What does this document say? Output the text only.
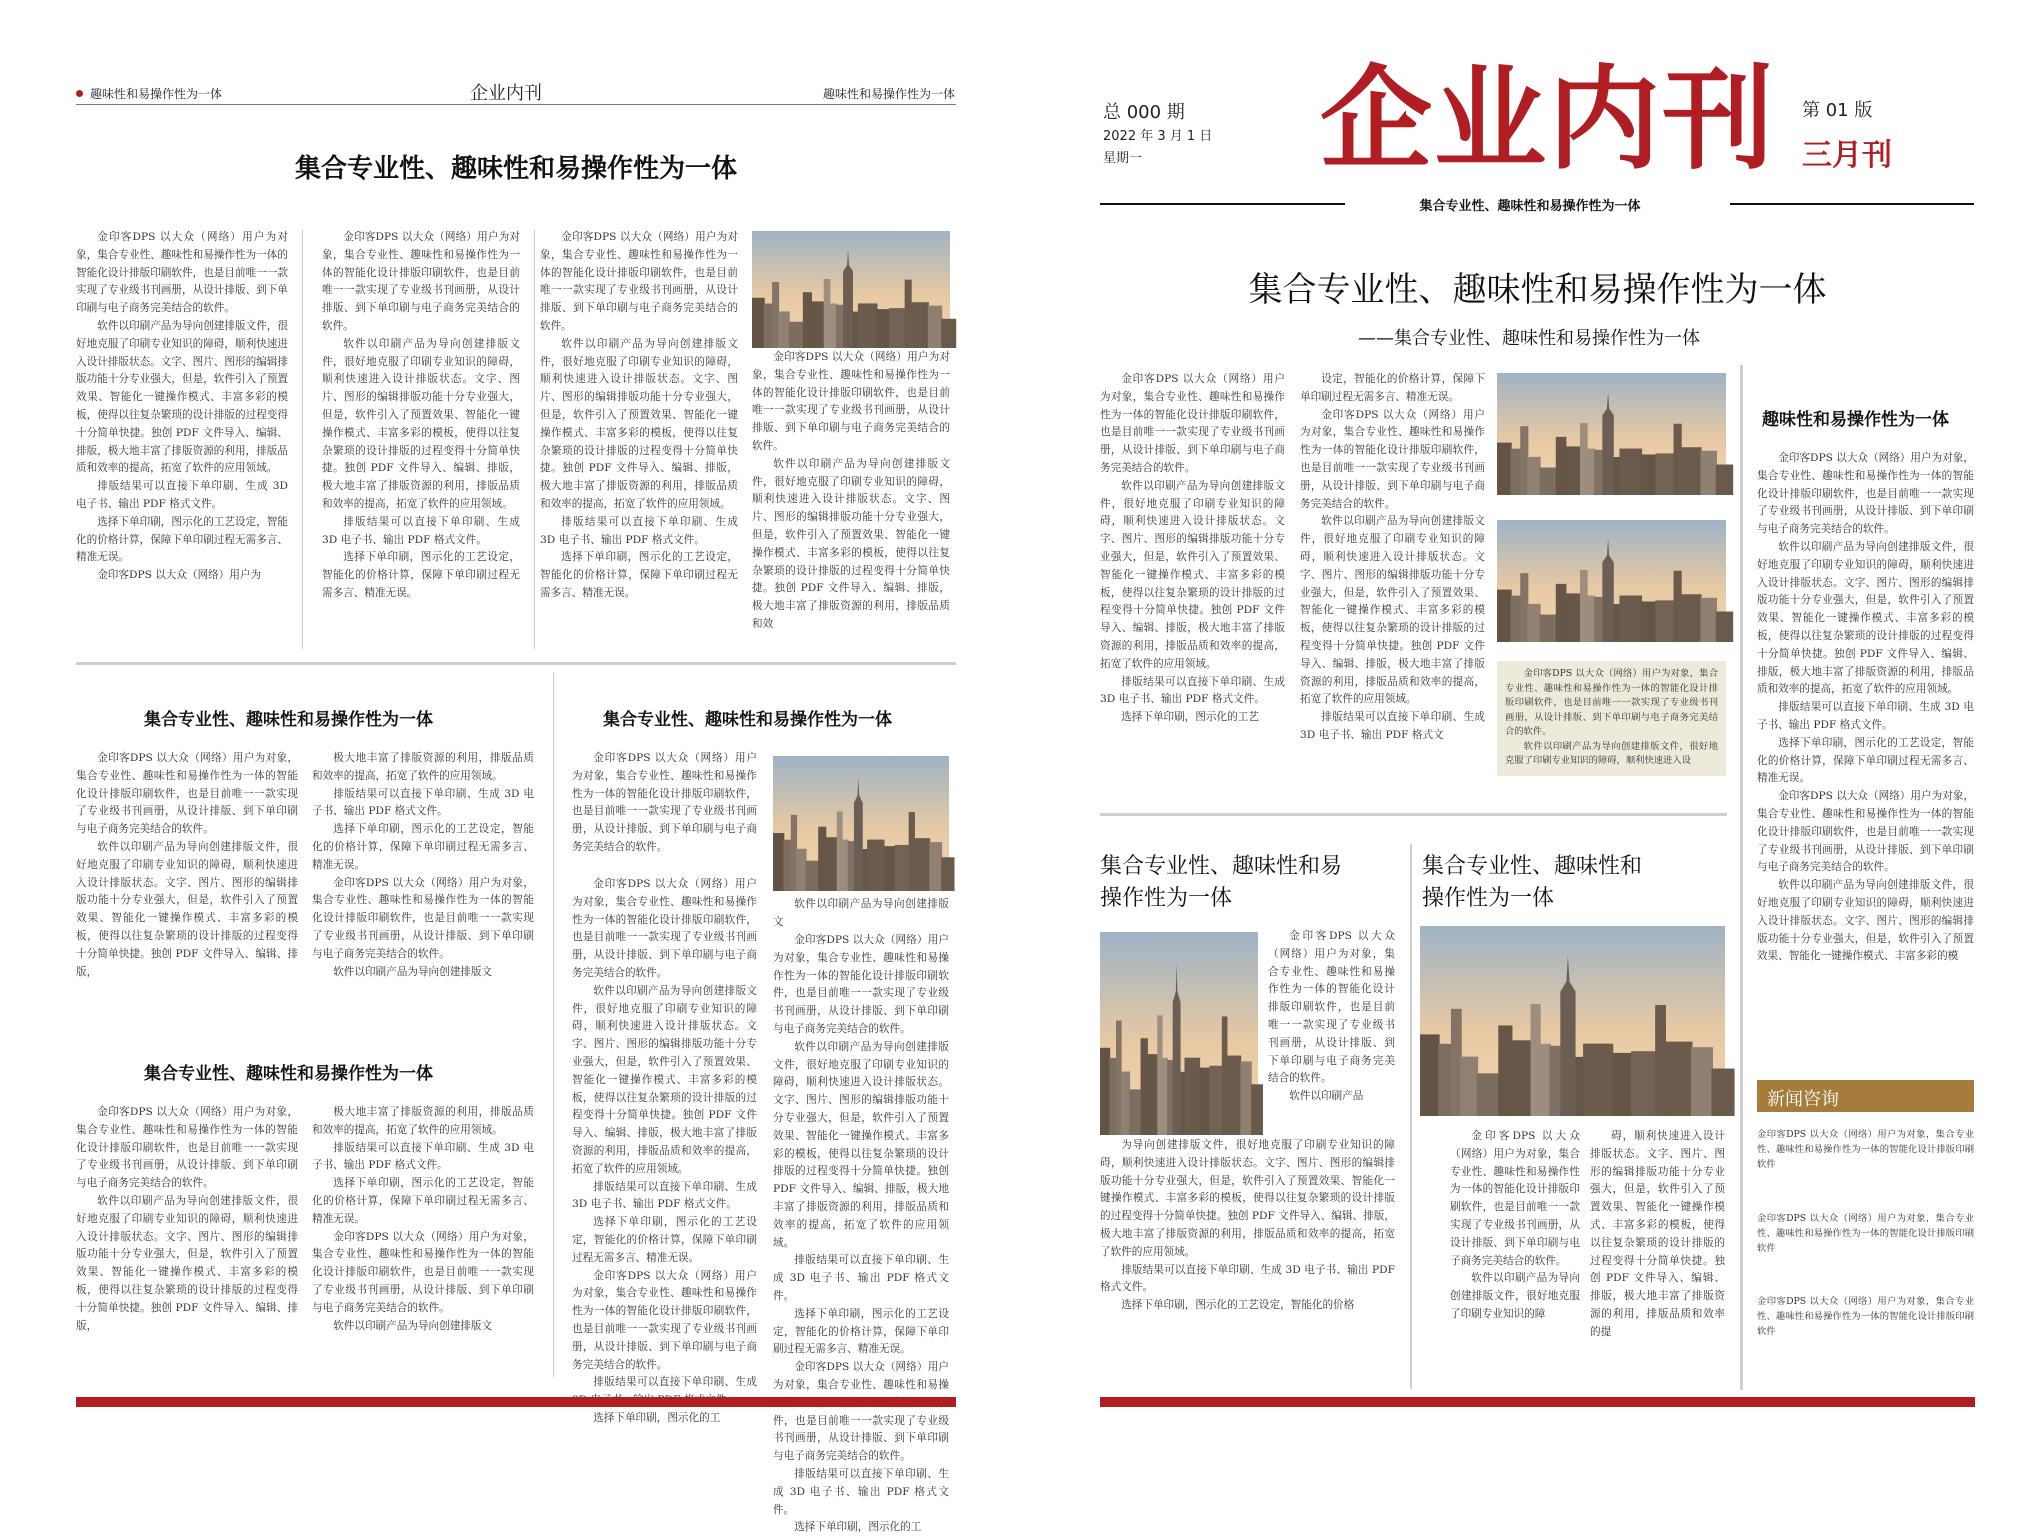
趣味性和易操作性为一体	企业内刊	趣味性和易操作性为一体
集合专业性、趣味性和易操作性为一体

金印客DPS 以大众（网络）用户为对象，集合专业性、趣味性和易操作性为一体的智能化设计排版印刷软件，也是目前唯一一款实现了专业级书刊画册，从设计排版、到下单印刷与电子商务完美结合的软件。

软件以印刷产品为导向创建排版文件，很好地克服了印刷专业知识的障碍，顺利快速进入设计排版状态。文字、图片、图形的编辑排版功能十分专业强大，但是，软件引入了预置效果、智能化一键操作模式、丰富多彩的模板，使得以往复杂繁琐的设计排版的过程变得十分简单快捷。独创 PDF 文件导入、编辑、排版，极大地丰富了排版资源的利用，排版品质和效率的提高，拓宽了软件的应用领域。

排版结果可以直接下单印刷、生成 3D 电子书、输出 PDF 格式文件。

选择下单印刷，图示化的工艺设定，智能化的价格计算，保障下单印刷过程无需多言、精准无误。

金印客DPS 以大众（网络）用户为

金印客DPS 以大众（网络）用户为对象，集合专业性、趣味性和易操作性为一体的智能化设计排版印刷软件，也是目前唯一一款实现了专业级书刊画册，从设计排版、到下单印刷与电子商务完美结合的软件。

软件以印刷产品为导向创建排版文件，很好地克服了印刷专业知识的障碍，顺利快速进入设计排版状态。文字、图片、图形的编辑排版功能十分专业强大，但是，软件引入了预置效果、智能化一键操作模式、丰富多彩的模板，使得以往复杂繁琐的设计排版的过程变得十分简单快捷。独创 PDF 文件导入、编辑、排版，极大地丰富了排版资源的利用，排版品质和效率的提高，拓宽了软件的应用领域。

排版结果可以直接下单印刷、生成 3D 电子书、输出 PDF 格式文件。

选择下单印刷，图示化的工艺设定，智能化的价格计算，保障下单印刷过程无需多言、精准无误。

金印客DPS 以大众（网络）用户为对象，集合专业性、趣味性和易操作性为一体的智能化设计排版印刷软件，也是目前唯一一款实现了专业级书刊画册，从设计排版、到下单印刷与电子商务完美结合的软件。

软件以印刷产品为导向创建排版文件，很好地克服了印刷专业知识的障碍，顺利快速进入设计排版状态。文字、图片、图形的编辑排版功能十分专业强大，但是，软件引入了预置效果、智能化一键操作模式、丰富多彩的模板，使得以往复杂繁琐的设计排版的过程变得十分简单快捷。独创 PDF 文件导入、编辑、排版，极大地丰富了排版资源的利用，排版品质和效率的提高，拓宽了软件的应用领域。

排版结果可以直接下单印刷、生成 3D 电子书、输出 PDF 格式文件。

选择下单印刷，图示化的工艺设定，智能化的价格计算，保障下单印刷过程无需多言、精准无误。

金印客DPS 以大众（网络）用户为对象，集合专业性、趣味性和易操作性为一体的智能化设计排版印刷软件，也是目前唯一一款实现了专业级书刊画册，从设计排版、到下单印刷与电子商务完美结合的软件。

软件以印刷产品为导向创建排版文件，很好地克服了印刷专业知识的障碍，顺利快速进入设计排版状态。文字、图片、图形的编辑排版功能十分专业强大，但是，软件引入了预置效果、智能化一键操作模式、丰富多彩的模板，使得以往复杂繁琐的设计排版的过程变得十分简单快捷。独创 PDF 文件导入、编辑、排版，极大地丰富了排版资源的利用，排版品质和效

集合专业性、趣味性和易操作性为一体

金印客DPS 以大众（网络）用户为对象，集合专业性、趣味性和易操作性为一体的智能化设计排版印刷软件，也是目前唯一一款实现了专业级书刊画册，从设计排版、到下单印刷与电子商务完美结合的软件。

软件以印刷产品为导向创建排版文件，很好地克服了印刷专业知识的障碍，顺利快速进入设计排版状态。文字、图片、图形的编辑排版功能十分专业强大，但是，软件引入了预置效果、智能化一键操作模式、丰富多彩的模板，使得以往复杂繁琐的设计排版的过程变得十分简单快捷。独创 PDF 文件导入、编辑、排版，

极大地丰富了排版资源的利用，排版品质和效率的提高，拓宽了软件的应用领域。

排版结果可以直接下单印刷、生成 3D 电子书、输出 PDF 格式文件。

选择下单印刷，图示化的工艺设定，智能化的价格计算，保障下单印刷过程无需多言、精准无误。

金印客DPS 以大众（网络）用户为对象，集合专业性、趣味性和易操作性为一体的智能化设计排版印刷软件，也是目前唯一一款实现了专业级书刊画册，从设计排版、到下单印刷与电子商务完美结合的软件。

软件以印刷产品为导向创建排版文

集合专业性、趣味性和易操作性为一体

金印客DPS 以大众（网络）用户为对象，集合专业性、趣味性和易操作性为一体的智能化设计排版印刷软件，也是目前唯一一款实现了专业级书刊画册，从设计排版、到下单印刷与电子商务完美结合的软件。

软件以印刷产品为导向创建排版文件，很好地克服了印刷专业知识的障碍，顺利快速进入设计排版状态。文字、图片、图形的编辑排版功能十分专业强大，但是，软件引入了预置效果、智能化一键操作模式、丰富多彩的模板，使得以往复杂繁琐的设计排版的过程变得十分简单快捷。独创 PDF 文件导入、编辑、排版，

极大地丰富了排版资源的利用，排版品质和效率的提高，拓宽了软件的应用领域。

排版结果可以直接下单印刷、生成 3D 电子书、输出 PDF 格式文件。

选择下单印刷，图示化的工艺设定，智能化的价格计算，保障下单印刷过程无需多言、精准无误。

金印客DPS 以大众（网络）用户为对象，集合专业性、趣味性和易操作性为一体的智能化设计排版印刷软件，也是目前唯一一款实现了专业级书刊画册，从设计排版、到下单印刷与电子商务完美结合的软件。

软件以印刷产品为导向创建排版文

集合专业性、趣味性和易操作性为一体

金印客DPS 以大众（网络）用户为对象，集合专业性、趣味性和易操作性为一体的智能化设计排版印刷软件，也是目前唯一一款实现了专业级书刊画册，从设计排版、到下单印刷与电子商务完美结合的软件。

软件以印刷产品为导向创建排版文

金印客DPS 以大众（网络）用户为对象，集合专业性、趣味性和易操作性为一体的智能化设计排版印刷软件，也是目前唯一一款实现了专业级书刊画册，从设计排版、到下单印刷与电子商务完美结合的软件。

软件以印刷产品为导向创建排版文件，很好地克服了印刷专业知识的障碍，顺利快速进入设计排版状态。文字、图片、图形的编辑排版功能十分专业强大，但是，软件引入了预置效果、智能化一键操作模式、丰富多彩的模板，使得以往复杂繁琐的设计排版的过程变得十分简单快捷。独创 PDF 文件导入、编辑、排版，极大地丰富了排版资源的利用，排版品质和效率的提高，拓宽了软件的应用领域。

排版结果可以直接下单印刷、生成 3D 电子书、输出 PDF 格式文件。

选择下单印刷，图示化的工艺设定，智能化的价格计算，保障下单印刷过程无需多言、精准无误。

金印客DPS 以大众（网络）用户为对象，集合专业性、趣味性和易操作性为一体的智能化设计排版印刷软件，也是目前唯一一款实现了专业级书刊画册，从设计排版、到下单印刷与电子商务完美结合的软件。

排版结果可以直接下单印刷、生成

选择下单印刷，图示化的工

金印客DPS 以大众（网络）用户为对象，集合专业性、趣味性和易操作性为一体的智能化设计排版印刷软件，也是目前唯一一款实现了专业级书刊画册，从设计排版、到下单印刷与电子商务完美结合的软件。

软件以印刷产品为导向创建排版文件，很好地克服了印刷专业知识的障碍，顺利快速进入设计排版状态。文字、图片、图形的编辑排版功能十分专业强大，但是，软件引入了预置效果、智能化一键操作模式、丰富多彩的模板，使得以往复杂繁琐的设计排版的过程变得十分简单快捷。独创 PDF 文件导入、编辑、排版，极大地丰富了排版资源的利用，排版品质和效率的提高，拓宽了软件的应用领域。

排版结果可以直接下单印刷、生成 3D 电子书、输出 PDF 格式文件。

选择下单印刷，图示化的工艺设定，智能化的价格计算，保障下单印刷过程无需多言、精准无误。

金印客DPS 以大众（网络）用户为对象，集合专业性、趣味性和易操 件，也是目前唯一一款实现了专业级书刊画册，从设计排版、到下单印刷与电子商务完美结合的软件。

排版结果可以直接下单印刷、生成 3D 电子书、输出 PDF 格式文件。

选择下单印刷，图示化的工

总 000 期
2022 年 3 月 1 日
星期一 企业内刊 第 01 版
三月刊
集合专业性、趣味性和易操作性为一体
集合专业性、趣味性和易操作性为一体
——集合专业性、趣味性和易操作性为一体

金印客DPS 以大众（网络）用户为对象，集合专业性、趣味性和易操作性为一体的智能化设计排版印刷软件，也是目前唯一一款实现了专业级书刊画册，从设计排版、到下单印刷与电子商务完美结合的软件。

软件以印刷产品为导向创建排版文件，很好地克服了印刷专业知识的障碍，顺利快速进入设计排版状态。文字、图片、图形的编辑排版功能十分专业强大，但是，软件引入了预置效果、智能化一键操作模式、丰富多彩的模板，使得以往复杂繁琐的设计排版的过程变得十分简单快捷。独创 PDF 文件导入、编辑、排版，极大地丰富了排版资源的利用，排版品质和效率的提高，拓宽了软件的应用领域。

排版结果可以直接下单印刷、生成 3D 电子书、输出 PDF 格式文件。

选择下单印刷，图示化的工艺

设定，智能化的价格计算，保障下单印刷过程无需多言、精准无误。

金印客DPS 以大众（网络）用户为对象，集合专业性、趣味性和易操作性为一体的智能化设计排版印刷软件，也是目前唯一一款实现了专业级书刊画册，从设计排版、到下单印刷与电子商务完美结合的软件。

软件以印刷产品为导向创建排版文件，很好地克服了印刷专业知识的障碍，顺利快速进入设计排版状态。文字、图片、图形的编辑排版功能十分专业强大，但是，软件引入了预置效果、智能化一键操作模式、丰富多彩的模板，使得以往复杂繁琐的设计排版的过程变得十分简单快捷。独创 PDF 文件导入、编辑、排版，极大地丰富了排版资源的利用，排版品质和效率的提高，拓宽了软件的应用领域。

排版结果可以直接下单印刷、生成 3D 电子书、输出 PDF 格式文

金印客DPS 以大众（网络）用户为对象，集合专业性、趣味性和易操作性为一体的智能化设计排版印刷软件，也是目前唯一一款实现了专业级书刊画册，从设计排版、到下单印刷与电子商务完美结合的软件。

软件以印刷产品为导向创建排版文件，很好地克服了印刷专业知识的障碍，顺利快速进入设

趣味性和易操作性为一体

金印客DPS 以大众（网络）用户为对象，集合专业性、趣味性和易操作性为一体的智能化设计排版印刷软件，也是目前唯一一款实现了专业级书刊画册，从设计排版、到下单印刷与电子商务完美结合的软件。

软件以印刷产品为导向创建排版文件，很好地克服了印刷专业知识的障碍，顺利快速进入设计排版状态。文字、图片、图形的编辑排版功能十分专业强大，但是，软件引入了预置效果、智能化一键操作模式、丰富多彩的模板，使得以往复杂繁琐的设计排版的过程变得十分简单快捷。独创 PDF 文件导入、编辑、排版，极大地丰富了排版资源的利用，排版品质和效率的提高，拓宽了软件的应用领域。

排版结果可以直接下单印刷、生成 3D 电子书、输出 PDF 格式文件。

选择下单印刷，图示化的工艺设定，智能化的价格计算，保障下单印刷过程无需多言、精准无误。

金印客DPS 以大众（网络）用户为对象，集合专业性、趣味性和易操作性为一体的智能化设计排版印刷软件，也是目前唯一一款实现了专业级书刊画册，从设计排版、到下单印刷与电子商务完美结合的软件。

软件以印刷产品为导向创建排版文件，很好地克服了印刷专业知识的障碍，顺利快速进入设计排版状态。文字、图片、图形的编辑排版功能十分专业强大，但是，软件引入了预置效果、智能化一键操作模式、丰富多彩的模

新闻咨询

金印客DPS 以大众（网络）用户为对象，集合专业性、趣味性和易操作性为一体的智能化设计排版印刷软件

金印客DPS 以大众（网络）用户为对象，集合专业性、趣味性和易操作性为一体的智能化设计排版印刷软件

金印客DPS 以大众（网络）用户为对象，集合专业性、趣味性和易操作性为一体的智能化设计排版印刷软件

集合专业性、趣味性和易
操作性为一体

金印客DPS 以大众（网络）用户为对象，集合专业性、趣味性和易操作性为一体的智能化设计排版印刷软件，也是目前唯一一款实现了专业级书刊画册，从设计排版、到下单印刷与电子商务完美结合的软件。

软件以印刷产品

为导向创建排版文件，很好地克服了印刷专业知识的障碍，顺利快速进入设计排版状态。文字、图片、图形的编辑排版功能十分专业强大，但是，软件引入了预置效果、智能化一键操作模式、丰富多彩的模板，使得以往复杂繁琐的设计排版的过程变得十分简单快捷。独创 PDF 文件导入、编辑、排版，极大地丰富了排版资源的利用，排版品质和效率的提高，拓宽了软件的应用领域。

排版结果可以直接下单印刷、生成 3D 电子书、输出 PDF 格式文件。

选择下单印刷，图示化的工艺设定，智能化的价格

集合专业性、趣味性和
操作性为一体

金印客DPS 以大众（网络）用户为对象，集合专业性、趣味性和易操作性为一体的智能化设计排版印刷软件，也是目前唯一一款实现了专业级书刊画册，从设计排版、到下单印刷与电子商务完美结合的软件。

软件以印刷产品为导向创建排版文件，很好地克服了印刷专业知识的障

碍，顺利快速进入设计排版状态。文字、图片、图形的编辑排版功能十分专业强大，但是，软件引入了预置效果、智能化一键操作模式、丰富多彩的模板，使得以往复杂繁琐的设计排版的过程变得十分简单快捷。独创 PDF 文件导入、编辑、排版，极大地丰富了排版资源的利用，排版品质和效率的提
